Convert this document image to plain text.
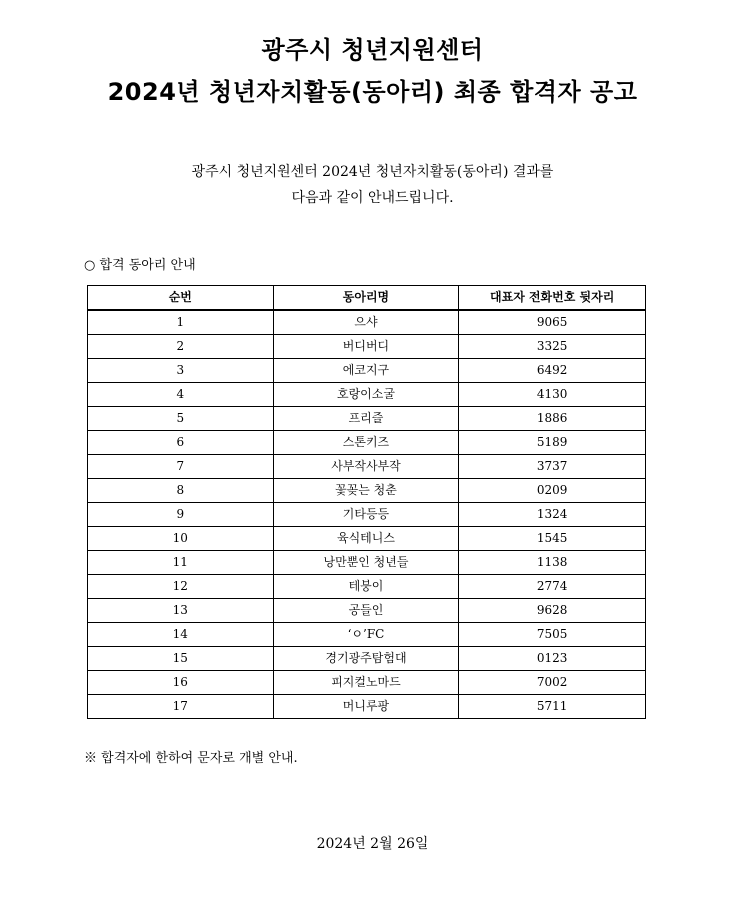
광주시 청년지원센터
2024년 청년자치활동(동아리) 최종 합격자 공고
광주시 청년지원센터 2024년 청년자치활동(동아리) 결과를
다음과 같이 안내드립니다.
○ 합격 동아리 안내
순번	동아리명	대표자 전화번호 뒷자리
1	으샤	9065
2	버디버디	3325
3	에코지구	6492
4	호랑이소굴	4130
5	프리즐	1886
6	스톤키즈	5189
7	사부작사부작	3737
8	꽃꽂는 청춘	0209
9	기타등등	1324
10	육식테니스	1545
11	낭만뿐인 청년들	1138
12	테붕이	2774
13	공들인	9628
14	‘ㅇ’FC	7505
15	경기광주탐험대	0123
16	피지컬노마드	7002
17	머니루팡	5711
※ 합격자에 한하여 문자로 개별 안내.
2024년 2월 26일
